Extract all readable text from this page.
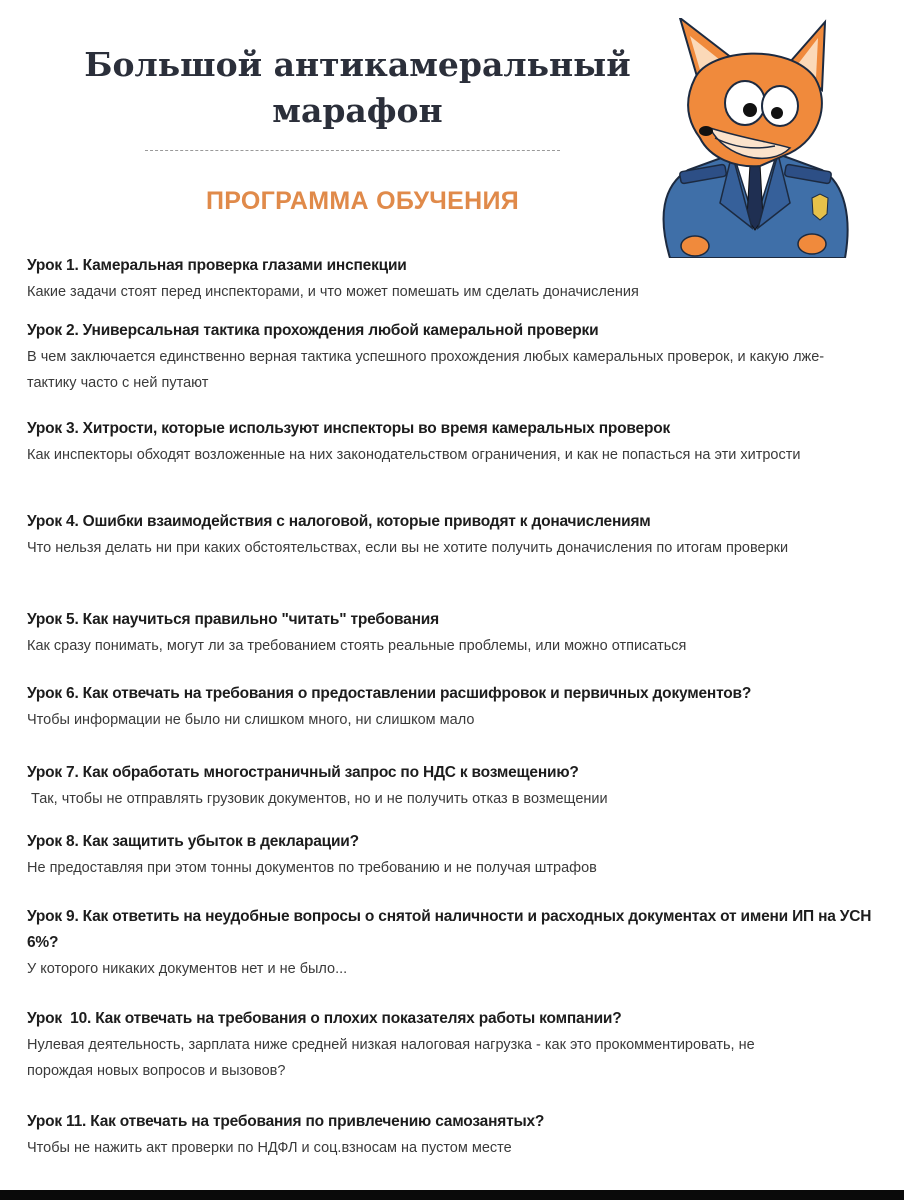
Большой антикамеральный
марафон
ПРОГРАММА ОБУЧЕНИЯ
Урок 1. Камеральная проверка глазами инспекции

Какие задачи стоят перед инспекторами, и что может помешать им сделать доначисления

Урок 2. Универсальная тактика прохождения любой камеральной проверки

В чем заключается единственно верная тактика успешного прохождения любых камеральных проверок, и какую лже-тактику часто с ней путают

Урок 3. Хитрости, которые используют инспекторы во время камеральных проверок

Как инспекторы обходят возложенные на них законодательством ограничения, и как не попасться на эти хитрости

Урок 4. Ошибки взаимодействия с налоговой, которые приводят к доначислениям

Что нельзя делать ни при каких обстоятельствах, если вы не хотите получить доначисления по итогам проверки

Урок 5. Как научиться правильно "читать" требования

Как сразу понимать, могут ли за требованием стоять реальные проблемы, или можно отписаться

Урок 6. Как отвечать на требования о предоставлении расшифровок и первичных документов?

Чтобы информации не было ни слишком много, ни слишком мало

Урок 7. Как обработать многостраничный запрос по НДС к возмещению?

Так, чтобы не отправлять грузовик документов, но и не получить отказ в возмещении

Урок 8. Как защитить убыток в декларации?

Не предоставляя при этом тонны документов по требованию и не получая штрафов

Урок 9. Как ответить на неудобные вопросы о снятой наличности и расходных документах от имени ИП на УСН 6%?

У которого никаких документов нет и не было...

Урок  10. Как отвечать на требования о плохих показателях работы компании?

Нулевая деятельность, зарплата ниже средней низкая налоговая нагрузка - как это прокомментировать, не порождая новых вопросов и вызовов?

Урок 11. Как отвечать на требования по привлечению самозанятых?

Чтобы не нажить акт проверки по НДФЛ и соц.взносам на пустом месте
